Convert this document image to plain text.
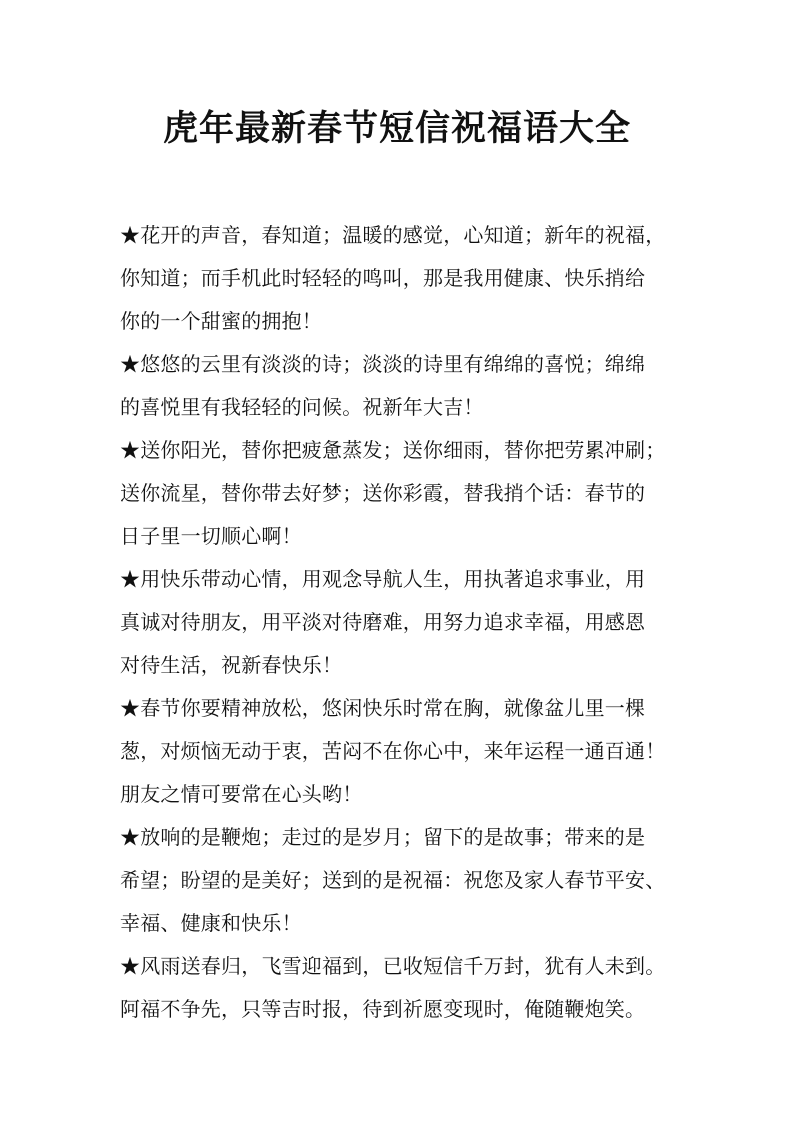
虎年最新春节短信祝福语大全
★花开的声音，春知道；温暖的感觉，心知道；新年的祝福，
你知道；而手机此时轻轻的鸣叫，那是我用健康、快乐捎给
你的一个甜蜜的拥抱！
★悠悠的云里有淡淡的诗；淡淡的诗里有绵绵的喜悦；绵绵
的喜悦里有我轻轻的问候。祝新年大吉！
★送你阳光，替你把疲惫蒸发；送你细雨，替你把劳累冲刷；
送你流星，替你带去好梦；送你彩霞，替我捎个话：春节的
日子里一切顺心啊！
★用快乐带动心情，用观念导航人生，用执著追求事业，用
真诚对待朋友，用平淡对待磨难，用努力追求幸福，用感恩
对待生活，祝新春快乐！
★春节你要精神放松，悠闲快乐时常在胸，就像盆儿里一棵
葱，对烦恼无动于衷，苦闷不在你心中，来年运程一通百通！
朋友之情可要常在心头哟！
★放响的是鞭炮；走过的是岁月；留下的是故事；带来的是
希望；盼望的是美好；送到的是祝福：祝您及家人春节平安、
幸福、健康和快乐！
★风雨送春归，飞雪迎福到，已收短信千万封，犹有人未到。
阿福不争先，只等吉时报，待到祈愿变现时，俺随鞭炮笑。
